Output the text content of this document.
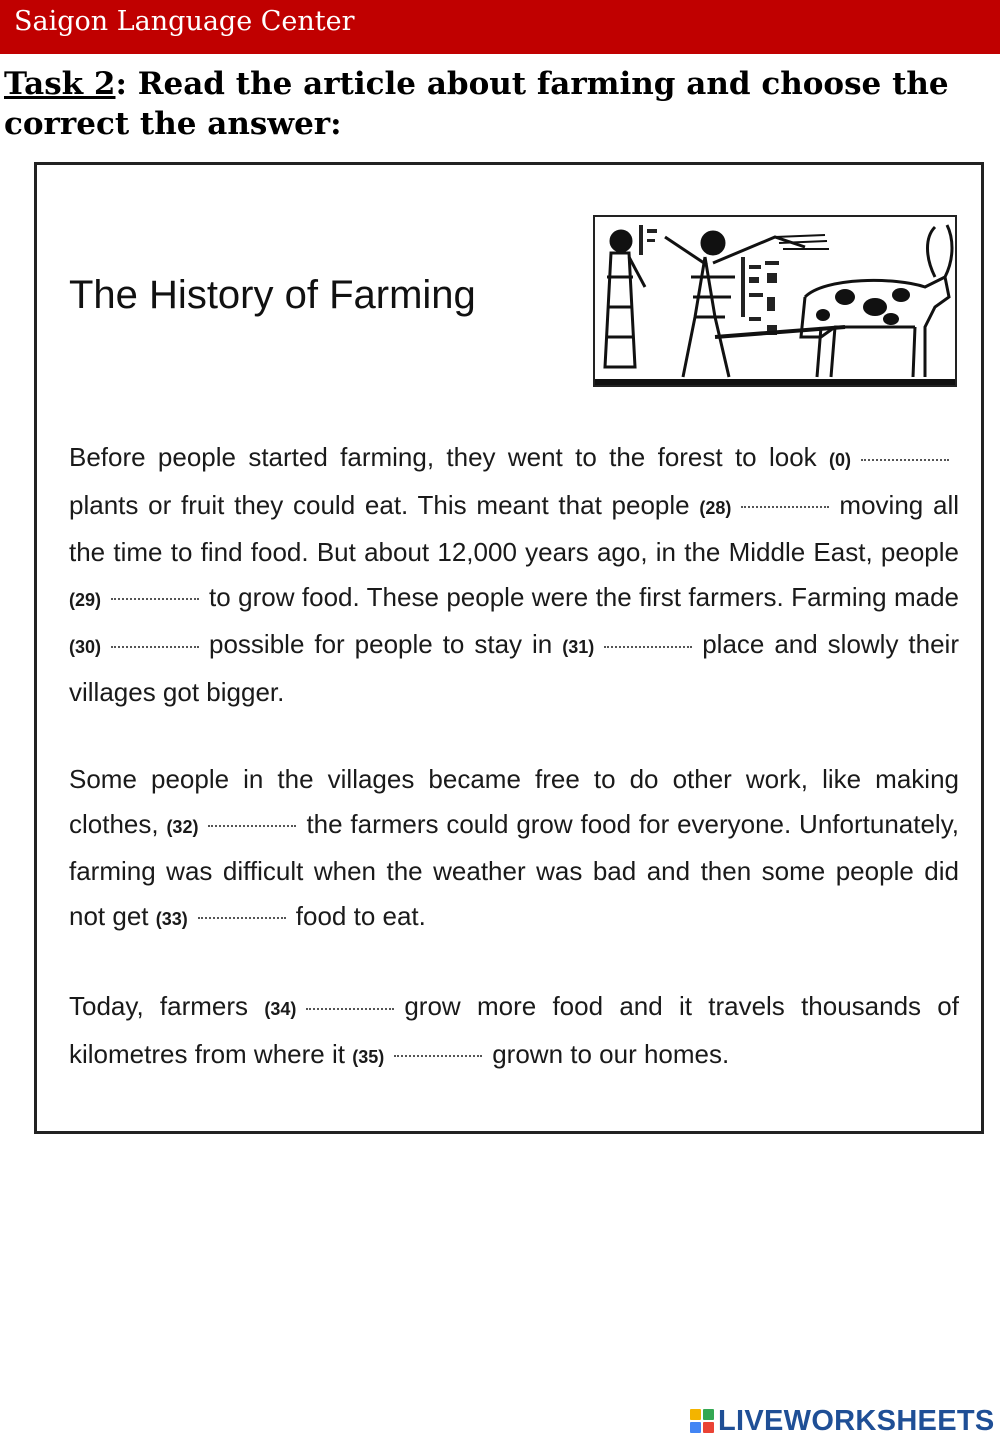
Saigon Language Center
Task 2: Read the article about farming and choose the correct the answer:
The History of Farming

Before people started farming, they went to the forest to look (0)plants or fruit they could eat. This meant that people (28)	moving all the time to find food. But about 12,000 years ago, in the Middle East, people (29)	to grow food. These people were the first farmers. Farming made (30)	possible for people to stay in (31)	place and slowly their villages got bigger.

Some people in the villages became free to do other work, like making clothes, (32)	the farmers could grow food for everyone. Unfortunately, farming was difficult when the weather was bad and then some people did not get (33)	food to eat.

Today, farmers (34)	grow more food and it travels thousands of kilometres from where it (35)	grown to our homes.

LIVEWORKSHEETS
